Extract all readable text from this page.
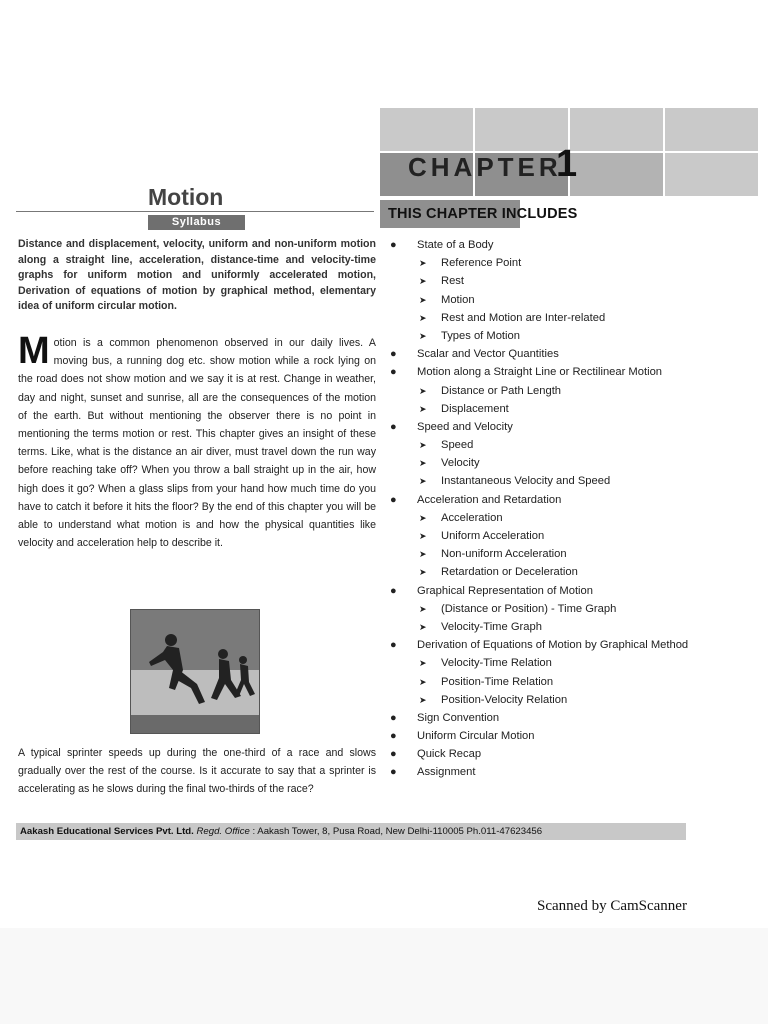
CHAPTER
1
THIS CHAPTER INCLUDES
Motion
Syllabus
Distance and displacement, velocity, uniform and non-uniform motion along a straight line, acceleration, distance-time and velocity-time graphs for uniform motion and uniformly accelerated motion, Derivation of equations of motion by graphical method, elementary idea of uniform circular motion.
M otion is a common phenomenon observed in our daily lives. A moving bus, a running dog etc. show motion while a rock lying on the road does not show motion and we say it is at rest. Change in weather, day and night, sunset and sunrise, all are the consequences of the motion of the earth. But without mentioning the observer there is no point in mentioning the terms motion or rest. This chapter gives an insight of these terms. Like, what is the distance an air diver, must travel down the run way before reaching take off? When you throw a ball straight up in the air, how high does it go? When a glass slips from your hand how much time do you have to catch it before it hits the floor? By the end of this chapter you will be able to understand what motion is and how the physical quantities like velocity and acceleration help to describe it.
A typical sprinter speeds up during the one-third of a race and slows gradually over the rest of the course. Is it accurate to say that a sprinter is accelerating as he slows during the final two-thirds of the race?
● State of a Body
➤ Reference Point
➤ Rest
➤ Motion
➤ Rest and Motion are Inter-related
➤ Types of Motion
● Scalar and Vector Quantities
● Motion along a Straight Line or Rectilinear Motion
➤ Distance or Path Length
➤ Displacement
● Speed and Velocity
➤ Speed
➤ Velocity
➤ Instantaneous Velocity and Speed
● Acceleration and Retardation
➤ Acceleration
➤ Uniform Acceleration
➤ Non-uniform Acceleration
➤ Retardation or Deceleration
● Graphical Representation of Motion
➤ (Distance or Position) - Time Graph
➤ Velocity-Time Graph
● Derivation of Equations of Motion by Graphical Method
➤ Velocity-Time Relation
➤ Position-Time Relation
➤ Position-Velocity Relation
● Sign Convention
● Uniform Circular Motion
● Quick Recap
● Assignment
Aakash Educational Services Pvt. Ltd. Regd. Office : Aakash Tower, 8, Pusa Road, New Delhi-110005 Ph.011-47623456
Scanned by CamScanner
